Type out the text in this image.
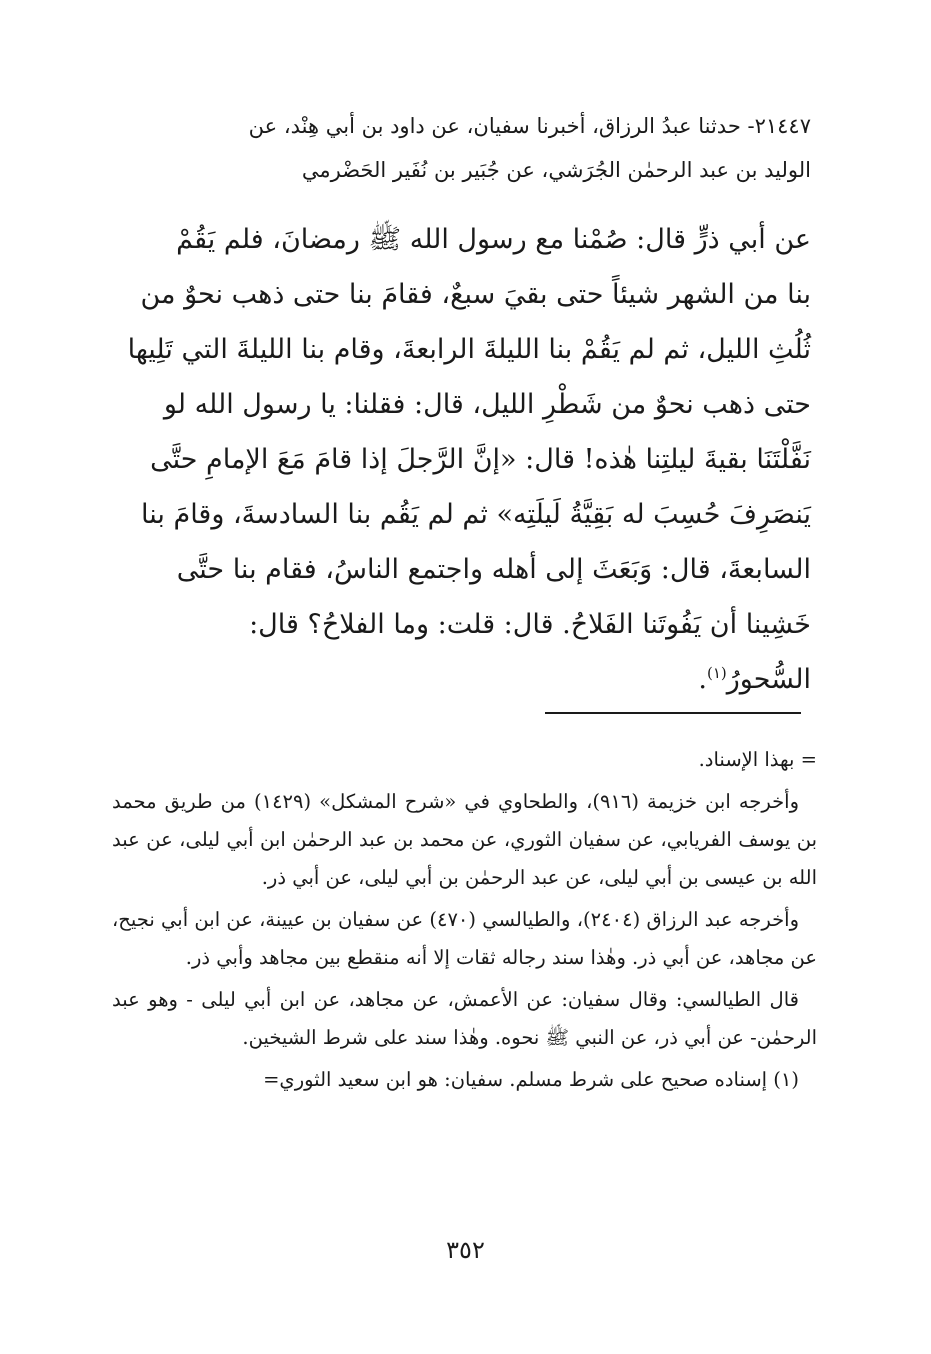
٢١٤٤٧- حدثنا عبدُ الرزاق، أخبرنا سفيان، عن داود بن أبي هِنْد، عن

الوليد بن عبد الرحمٰن الجُرَشي، عن جُبَير بن نُفَير الحَضْرمي

عن أبي ذرٍّ قال: صُمْنا مع رسول الله ﷺ رمضانَ، فلم يَقُمْ

بنا من الشهر شيئاً حتى بقيَ سبعٌ، فقامَ بنا حتى ذهب نحوٌ من

ثُلُثِ الليل، ثم لم يَقُمْ بنا الليلةَ الرابعةَ، وقام بنا الليلةَ التي تَلِيها

حتى ذهب نحوٌ من شَطْرِ الليل، قال: فقلنا: يا رسول الله لو

نَفَّلْتَنَا بقيةَ ليلتِنا هٰذه! قال: «إنَّ الرَّجلَ إذا قامَ مَعَ الإمامِ حتَّى

يَنصَرِفَ حُسِبَ له بَقِيَّةُ لَيلَتِه» ثم لم يَقُم بنا السادسةَ، وقامَ بنا

السابعةَ، قال: وَبَعَثَ إلى أهله واجتمع الناسُ، فقام بنا حتَّى

خَشِينا أن يَفُوتَنا الفَلاحُ. قال: قلت: وما الفلاحُ؟ قال:

السُّحورُ$^{(١)}$.

= بهذا الإسناد.

وأخرجه ابن خزيمة (٩١٦)، والطحاوي في «شرح المشكل» (١٤٢٩) من طريق محمد بن يوسف الفريابي، عن سفيان الثوري، عن محمد بن عبد الرحمٰن ابن أبي ليلى، عن عبد الله بن عيسى بن أبي ليلى، عن عبد الرحمٰن بن أبي ليلى، عن أبي ذر.

وأخرجه عبد الرزاق (٢٤٠٤)، والطيالسي (٤٧٠) عن سفيان بن عيينة، عن ابن أبي نجيح، عن مجاهد، عن أبي ذر. وهٰذا سند رجاله ثقات إلا أنه منقطع بين مجاهد وأبي ذر.

قال الطيالسي: وقال سفيان: عن الأعمش، عن مجاهد، عن ابن أبي ليلى - وهو عبد الرحمٰن- عن أبي ذر، عن النبي ﷺ نحوه. وهٰذا سند على شرط الشيخين.

(١) إسناده صحيح على شرط مسلم. سفيان: هو ابن سعيد الثوري=

٣٥٢
